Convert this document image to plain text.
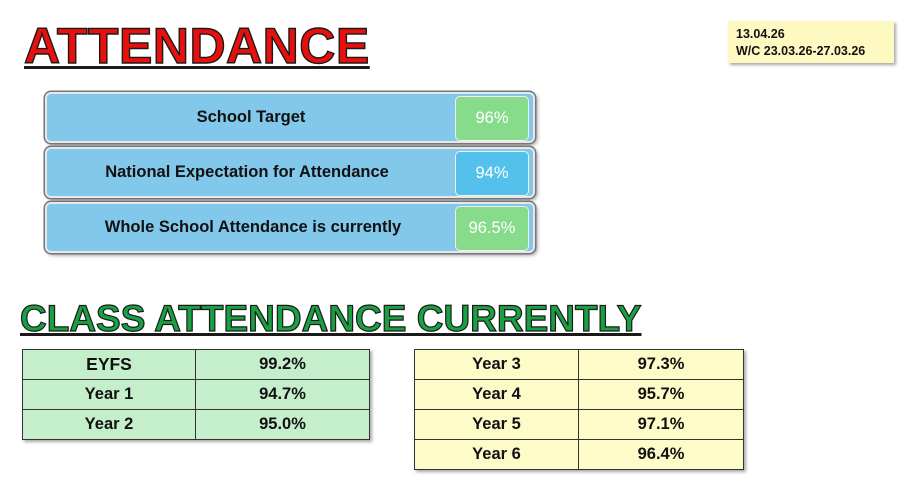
ATTENDANCE	13.04.26
W/C 23.03.26-27.03.26
School Target	96%
National Expectation for Attendance	94%
Whole School Attendance is currently	96.5%
CLASS ATTENDANCE CURRENTLY
EYFS	99.2%
Year 1	94.7%
Year 2	95.0%
Year 3	97.3%
Year 4	95.7%
Year 5	97.1%
Year 6	96.4%
